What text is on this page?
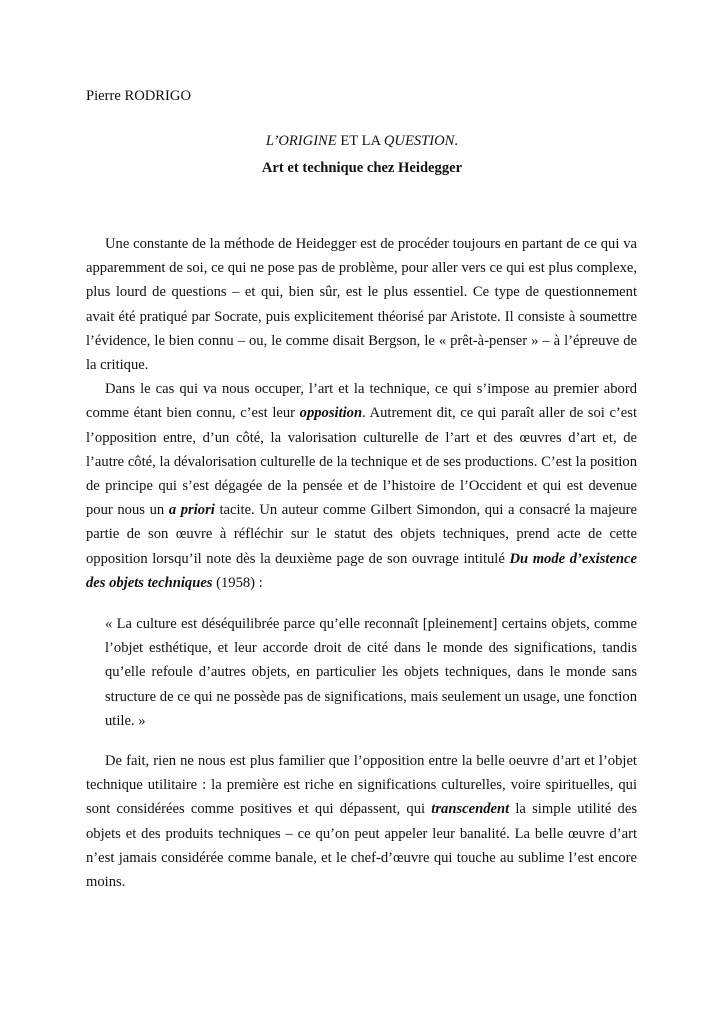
Pierre RODRIGO
L’ORIGINE ET LA QUESTION.
Art et technique chez Heidegger

Une constante de la méthode de Heidegger est de procéder toujours en partant de ce qui va apparemment de soi, ce qui ne pose pas de problème, pour aller vers ce qui est plus complexe, plus lourd de questions – et qui, bien sûr, est le plus essentiel. Ce type de questionnement avait été pratiqué par Socrate, puis explicitement théorisé par Aristote. Il consiste à soumettre l’évidence, le bien connu – ou, le comme disait Bergson, le « prêt-à-penser » – à l’épreuve de la critique.

Dans le cas qui va nous occuper, l’art et la technique, ce qui s’impose au premier abord comme étant bien connu, c’est leur opposition. Autrement dit, ce qui paraît aller de soi c’est l’opposition entre, d’un côté, la valorisation culturelle de l’art et des œuvres d’art et, de l’autre côté, la dévalorisation culturelle de la technique et de ses productions. C’est la position de principe qui s’est dégagée de la pensée et de l’histoire de l’Occident et qui est devenue pour nous un a priori tacite. Un auteur comme Gilbert Simondon, qui a consacré la majeure partie de son œuvre à réfléchir sur le statut des objets techniques, prend acte de cette opposition lorsqu’il note dès la deuxième page de son ouvrage intitulé Du mode d’existence des objets techniques (1958) :

« La culture est déséquilibrée parce qu’elle reconnaît [pleinement] certains objets, comme l’objet esthétique, et leur accorde droit de cité dans le monde des significations, tandis qu’elle refoule d’autres objets, en particulier les objets techniques, dans le monde sans structure de ce qui ne possède pas de significations, mais seulement un usage, une fonction utile. »

De fait, rien ne nous est plus familier que l’opposition entre la belle oeuvre d’art et l’objet technique utilitaire : la première est riche en significations culturelles, voire spirituelles, qui sont considérées comme positives et qui dépassent, qui transcendent la simple utilité des objets et des produits techniques – ce qu’on peut appeler leur banalité. La belle œuvre d’art n’est jamais considérée comme banale, et le chef-d’œuvre qui touche au sublime l’est encore moins.
